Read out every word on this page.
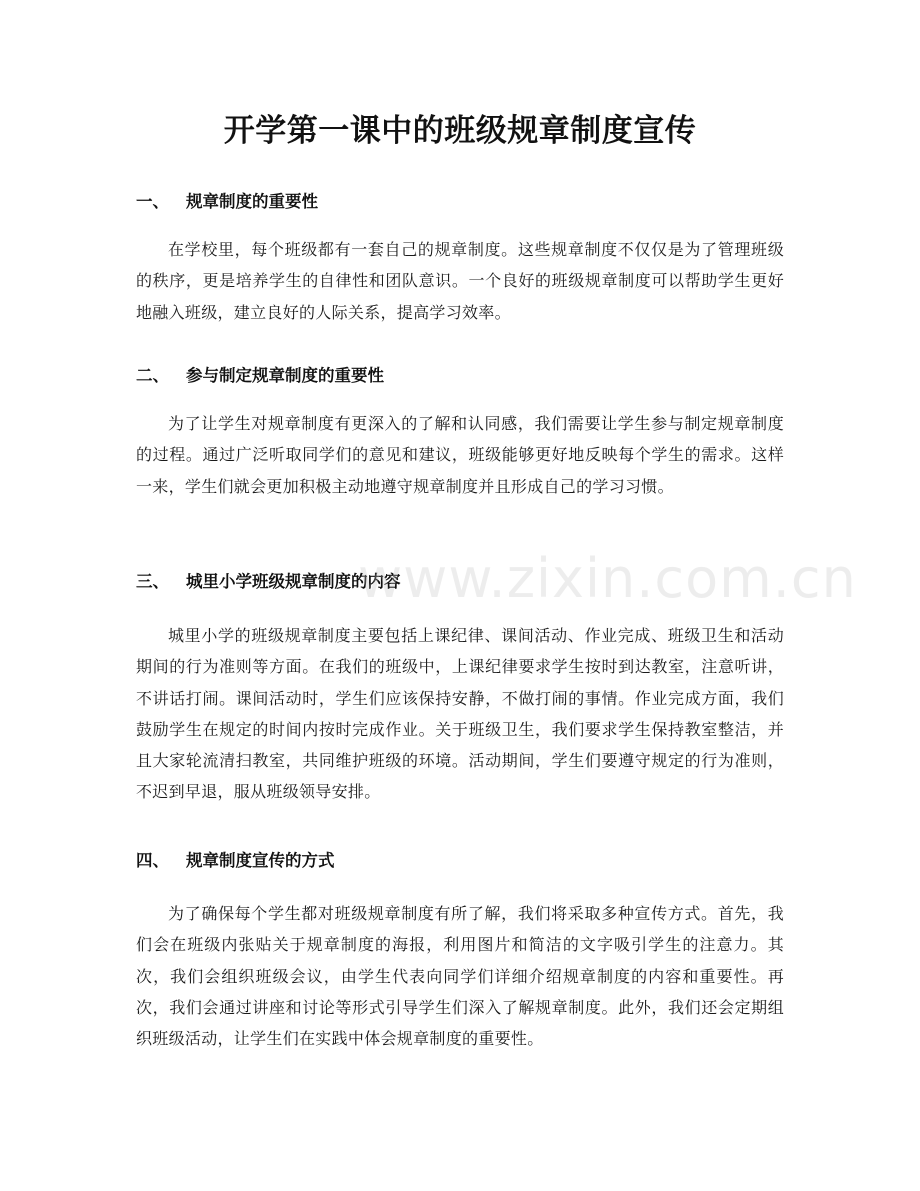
开学第一课中的班级规章制度宣传
一、 规章制度的重要性
在学校里，每个班级都有一套自己的规章制度。这些规章制度不仅仅是为了管理班级的秩序，更是培养学生的自律性和团队意识。一个良好的班级规章制度可以帮助学生更好地融入班级，建立良好的人际关系，提高学习效率。
二、 参与制定规章制度的重要性
为了让学生对规章制度有更深入的了解和认同感，我们需要让学生参与制定规章制度的过程。通过广泛听取同学们的意见和建议，班级能够更好地反映每个学生的需求。这样一来，学生们就会更加积极主动地遵守规章制度并且形成自己的学习习惯。
三、 城里小学班级规章制度的内容
城里小学的班级规章制度主要包括上课纪律、课间活动、作业完成、班级卫生和活动期间的行为准则等方面。在我们的班级中，上课纪律要求学生按时到达教室，注意听讲，不讲话打闹。课间活动时，学生们应该保持安静，不做打闹的事情。作业完成方面，我们鼓励学生在规定的时间内按时完成作业。关于班级卫生，我们要求学生保持教室整洁，并且大家轮流清扫教室，共同维护班级的环境。活动期间，学生们要遵守规定的行为准则，不迟到早退，服从班级领导安排。
四、 规章制度宣传的方式
为了确保每个学生都对班级规章制度有所了解，我们将采取多种宣传方式。首先，我们会在班级内张贴关于规章制度的海报，利用图片和简洁的文字吸引学生的注意力。其次，我们会组织班级会议，由学生代表向同学们详细介绍规章制度的内容和重要性。再次，我们会通过讲座和讨论等形式引导学生们深入了解规章制度。此外，我们还会定期组织班级活动，让学生们在实践中体会规章制度的重要性。
www.zixin.com.cn
